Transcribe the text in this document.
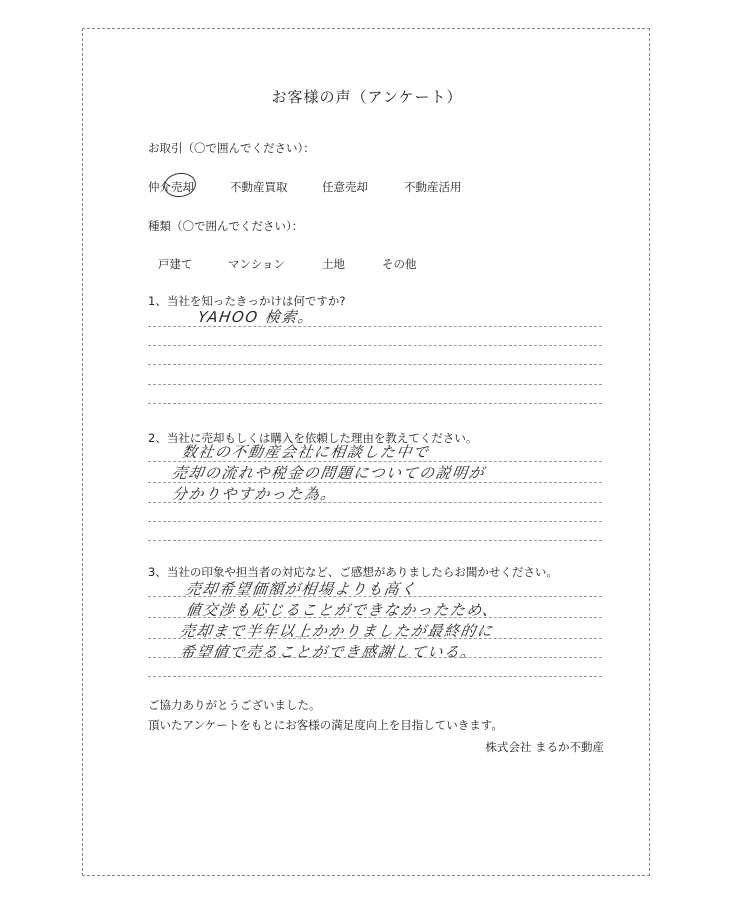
お客様の声（アンケート）
お取引（〇で囲んでください）：
仲介売却	不動産買取	任意売却	不動産活用
種類（〇で囲んでください）：
戸建て	マンション	土地	その他
1、当社を知ったきっかけは何ですか?
YAHOO 検索。
2、当社に売却もしくは購入を依頼した理由を教えてください。
数社の不動産会社に相談した中で
売却の流れや税金の問題についての説明が
分かりやすかった為。
3、当社の印象や担当者の対応など、ご感想がありましたらお聞かせください。
売却希望価額が相場よりも高く
値交渉も応じることができなかったため、
売却まで半年以上かかりましたが最終的に
希望値で売ることができ感謝している。
ご協力ありがとうございました。
頂いたアンケートをもとにお客様の満足度向上を目指していきます。
株式会社 まるか不動産
